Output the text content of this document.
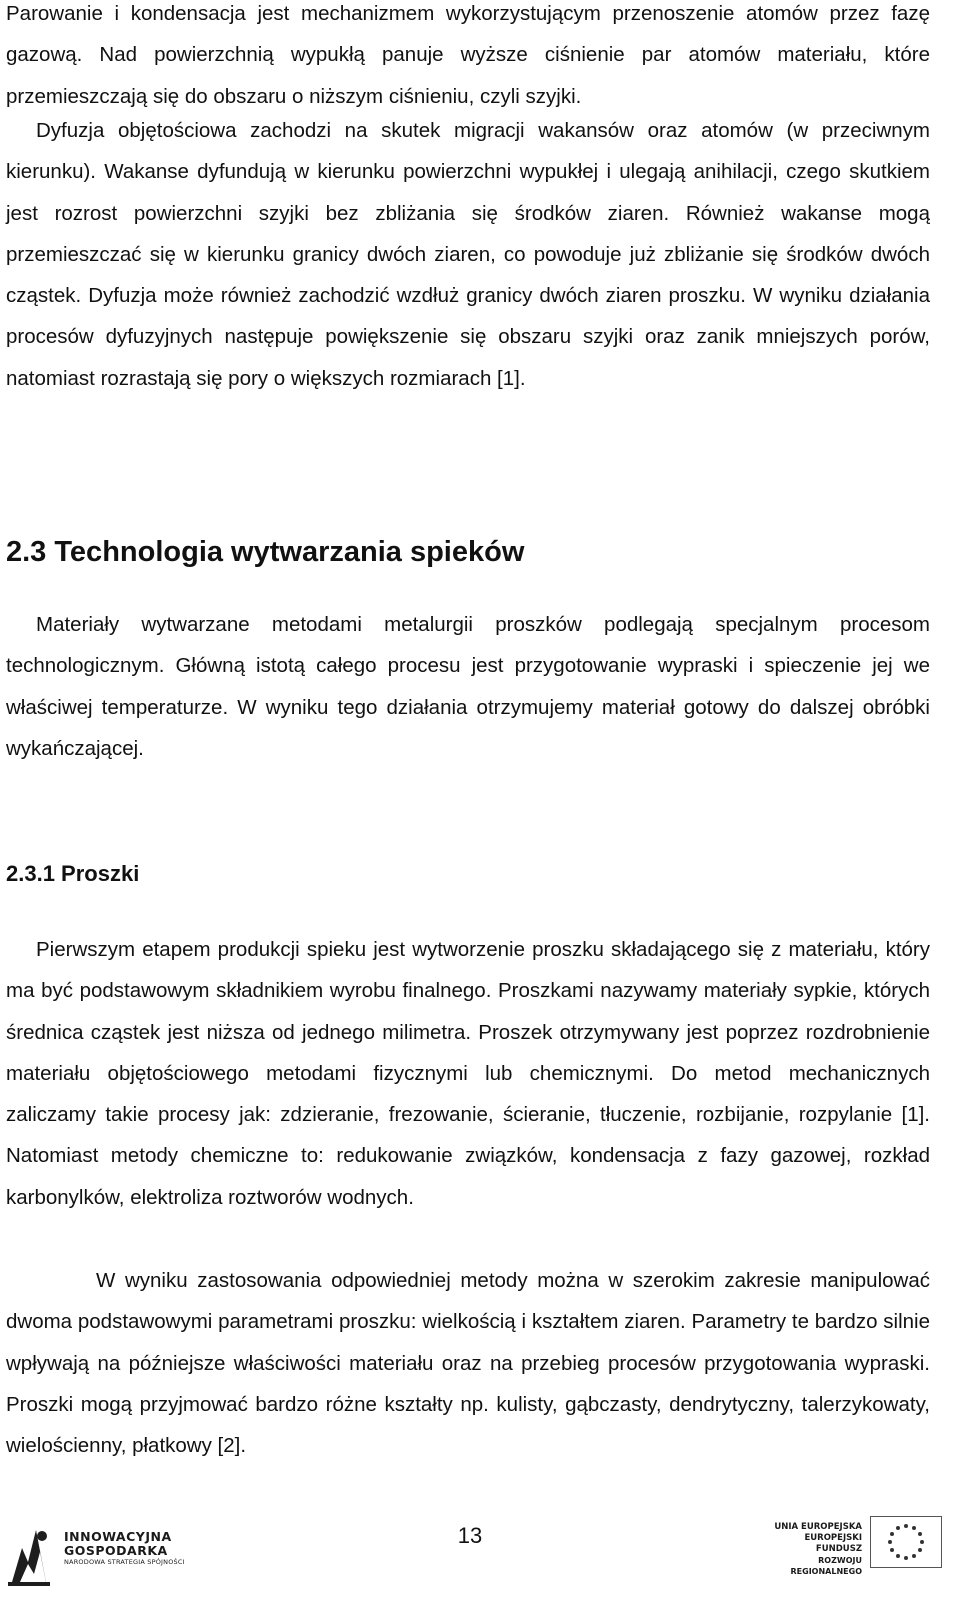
Parowanie i kondensacja jest mechanizmem wykorzystującym przenoszenie atomów przez fazę gazową. Nad powierzchnią wypukłą panuje wyższe ciśnienie par atomów materiału, które przemieszczają się do obszaru o niższym ciśnieniu, czyli szyjki.

Dyfuzja objętościowa zachodzi na skutek migracji wakansów oraz atomów (w przeciwnym kierunku). Wakanse dyfundują w kierunku powierzchni wypukłej i ulegają anihilacji, czego skutkiem jest rozrost powierzchni szyjki bez zbliżania się środków ziaren. Również wakanse mogą przemieszczać się w kierunku granicy dwóch ziaren, co powoduje już zbliżanie się środków dwóch cząstek. Dyfuzja może również zachodzić wzdłuż granicy dwóch ziaren proszku. W wyniku działania procesów dyfuzyjnych następuje powiększenie się obszaru szyjki oraz zanik mniejszych porów, natomiast rozrastają się pory o większych rozmiarach [1].

2.3 Technologia wytwarzania spieków

Materiały wytwarzane metodami metalurgii proszków podlegają specjalnym procesom technologicznym. Główną istotą całego procesu jest przygotowanie wypraski i spieczenie jej we właściwej temperaturze. W wyniku tego działania otrzymujemy materiał gotowy do dalszej obróbki wykańczającej.

2.3.1 Proszki

Pierwszym etapem produkcji spieku jest wytworzenie proszku składającego się z materiału, który ma być podstawowym składnikiem wyrobu finalnego. Proszkami nazywamy materiały sypkie, których średnica cząstek jest niższa od jednego milimetra. Proszek otrzymywany jest poprzez rozdrobnienie materiału objętościowego metodami fizycznymi lub chemicznymi. Do metod mechanicznych zaliczamy takie procesy jak: zdzieranie, frezowanie, ścieranie, tłuczenie, rozbijanie, rozpylanie [1]. Natomiast metody chemiczne to: redukowanie związków, kondensacja z fazy gazowej, rozkład karbonylków, elektroliza roztworów wodnych.

W wyniku zastosowania odpowiedniej metody można w szerokim zakresie manipulować dwoma podstawowymi parametrami proszku: wielkością i kształtem ziaren. Parametry te bardzo silnie wpływają na późniejsze właściwości materiału oraz na przebieg procesów przygotowania wypraski. Proszki mogą przyjmować bardzo różne kształty np. kulisty, gąbczasty, dendrytyczny, talerzykowaty, wielościenny, płatkowy [2].

INNOWACYJNA
GOSPODARKA
NARODOWA STRATEGIA SPÓJNOŚCI
13	UNIA EUROPEJSKA
EUROPEJSKI FUNDUSZ
ROZWOJU REGIONALNEGO
